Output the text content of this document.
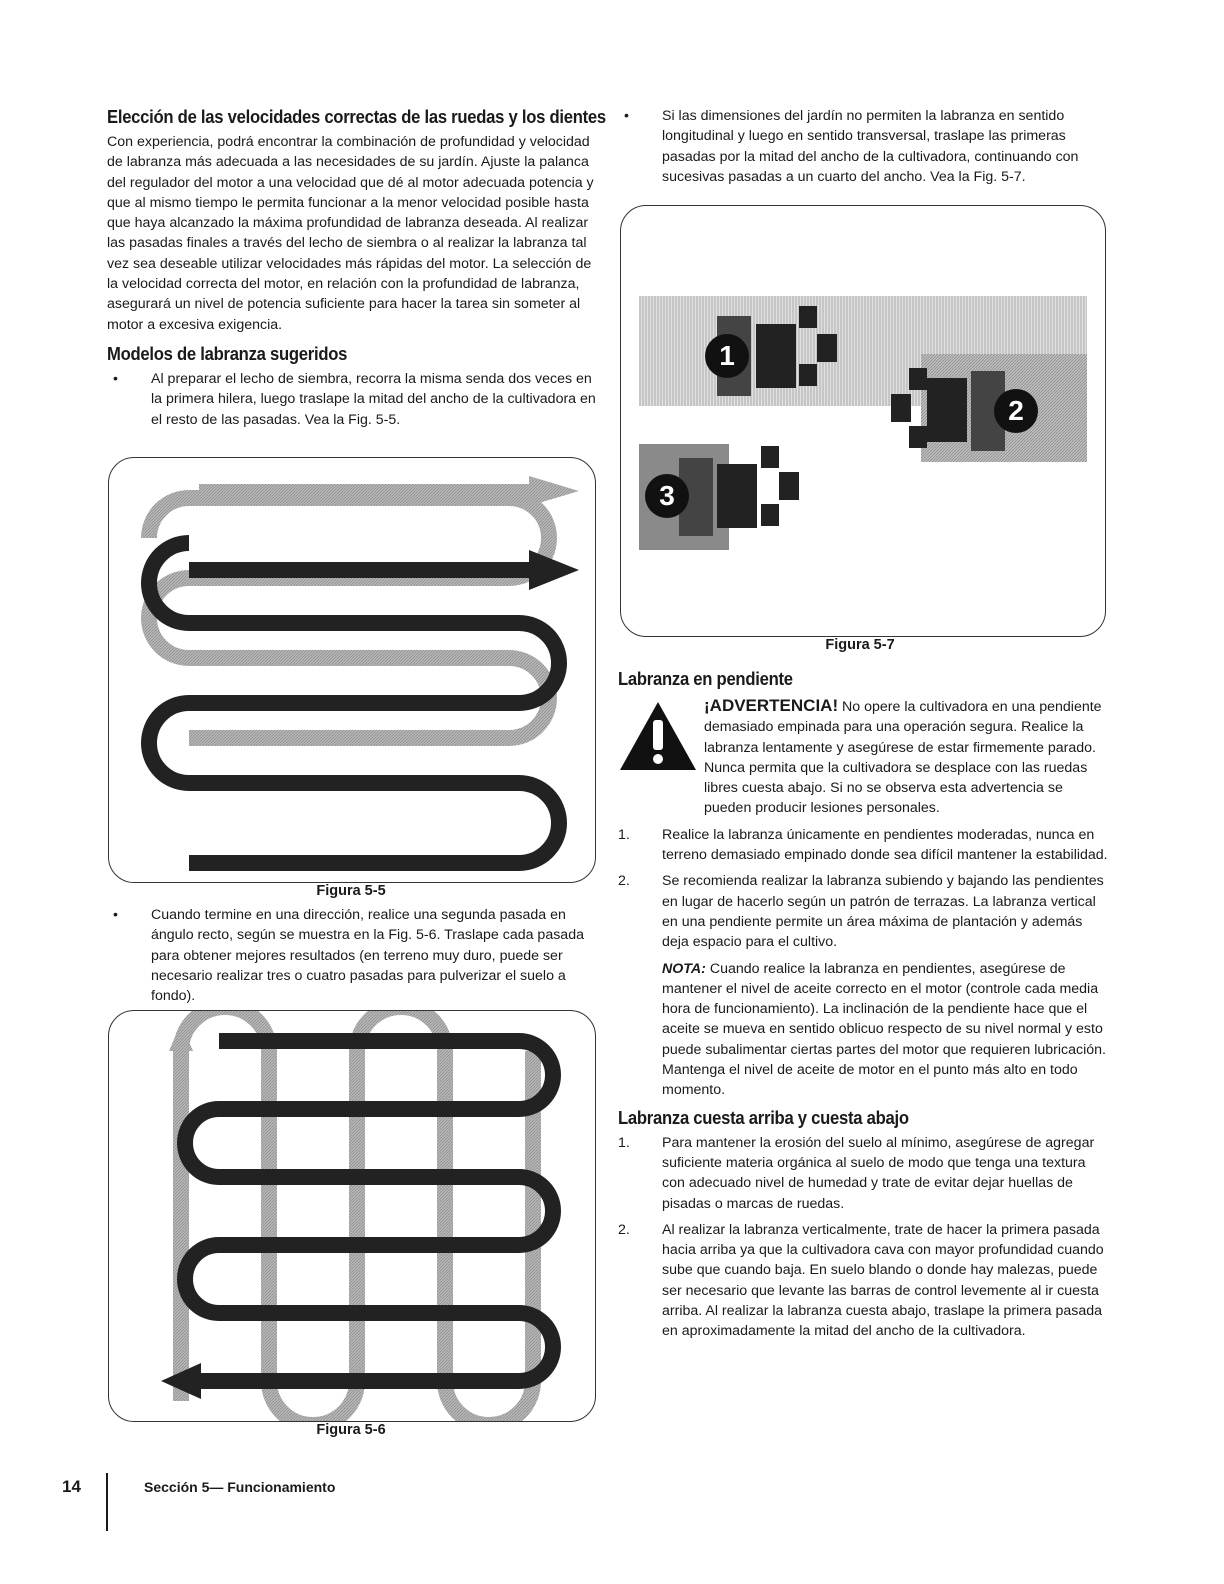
Elección de las velocidades correctas de las ruedas y los dientes

Con experiencia, podrá encontrar la combinación de profundidad y velocidad de labranza más adecuada a las necesidades de su jardín. Ajuste la palanca del regulador del motor a una velocidad que dé al motor adecuada potencia y que al mismo tiempo le permita funcionar a la menor velocidad posible hasta que haya alcanzado la máxima profundidad de labranza deseada. Al realizar las pasadas finales a través del lecho de siembra o al realizar la labranza tal vez sea deseable utilizar velocidades más rápidas del motor. La selección de la velocidad correcta del motor, en relación con la profundidad de labranza, asegurará un nivel de potencia suficiente para hacer la tarea sin someter al motor a excesiva exigencia.

Modelos de labranza sugeridos

• Al preparar el lecho de siembra, recorra la misma senda dos veces en la primera hilera, luego traslape la mitad del ancho de la cultivadora en el resto de las pasadas. Vea la Fig. 5-5.

Figura 5-5

• Cuando termine en una dirección, realice una segunda pasada en ángulo recto, según se muestra en la Fig. 5-6. Traslape cada pasada para obtener mejores resultados (en terreno muy duro, puede ser necesario realizar tres o cuatro pasadas para pulverizar el suelo a fondo).

Figura 5-6

• Si las dimensiones del jardín no permiten la labranza en sentido longitudinal y luego en sentido transversal, traslape las primeras pasadas por la mitad del ancho de la cultivadora, continuando con sucesivas pasadas a un cuarto del ancho. Vea la Fig. 5-7.

1
2
3
Figura 5-7
Labranza en pendiente
¡ADVERTENCIA! No opere la cultivadora en una pendiente demasiado empinada para una operación segura. Realice la labranza lentamente y asegúrese de estar firmemente parado. Nunca permita que la cultivadora se desplace con las ruedas libres cuesta abajo. Si no se observa esta advertencia se pueden producir lesiones personales.

1. Realice la labranza únicamente en pendientes moderadas, nunca en terreno demasiado empinado donde sea difícil mantener la estabilidad.

2. Se recomienda realizar la labranza subiendo y bajando las pendientes en lugar de hacerlo según un patrón de terrazas. La labranza vertical en una pendiente permite un área máxima de plantación y además deja espacio para el cultivo.

NOTA: Cuando realice la labranza en pendientes, asegúrese de mantener el nivel de aceite correcto en el motor (controle cada media hora de funcionamiento). La inclinación de la pendiente hace que el aceite se mueva en sentido oblicuo respecto de su nivel normal y esto puede subalimentar ciertas partes del motor que requieren lubricación. Mantenga el nivel de aceite de motor en el punto más alto en todo momento.

Labranza cuesta arriba y cuesta abajo

1. Para mantener la erosión del suelo al mínimo, asegúrese de agregar suficiente materia orgánica al suelo de modo que tenga una textura con adecuado nivel de humedad y trate de evitar dejar huellas de pisadas o marcas de ruedas.

2. Al realizar la labranza verticalmente, trate de hacer la primera pasada hacia arriba ya que la cultivadora cava con mayor profundidad cuando sube que cuando baja. En suelo blando o donde hay malezas, puede ser necesario que levante las barras de control levemente al ir cuesta arriba. Al realizar la labranza cuesta abajo, traslape la primera pasada en aproximadamente la mitad del ancho de la cultivadora.

14	Sección 5— Funcionamiento
